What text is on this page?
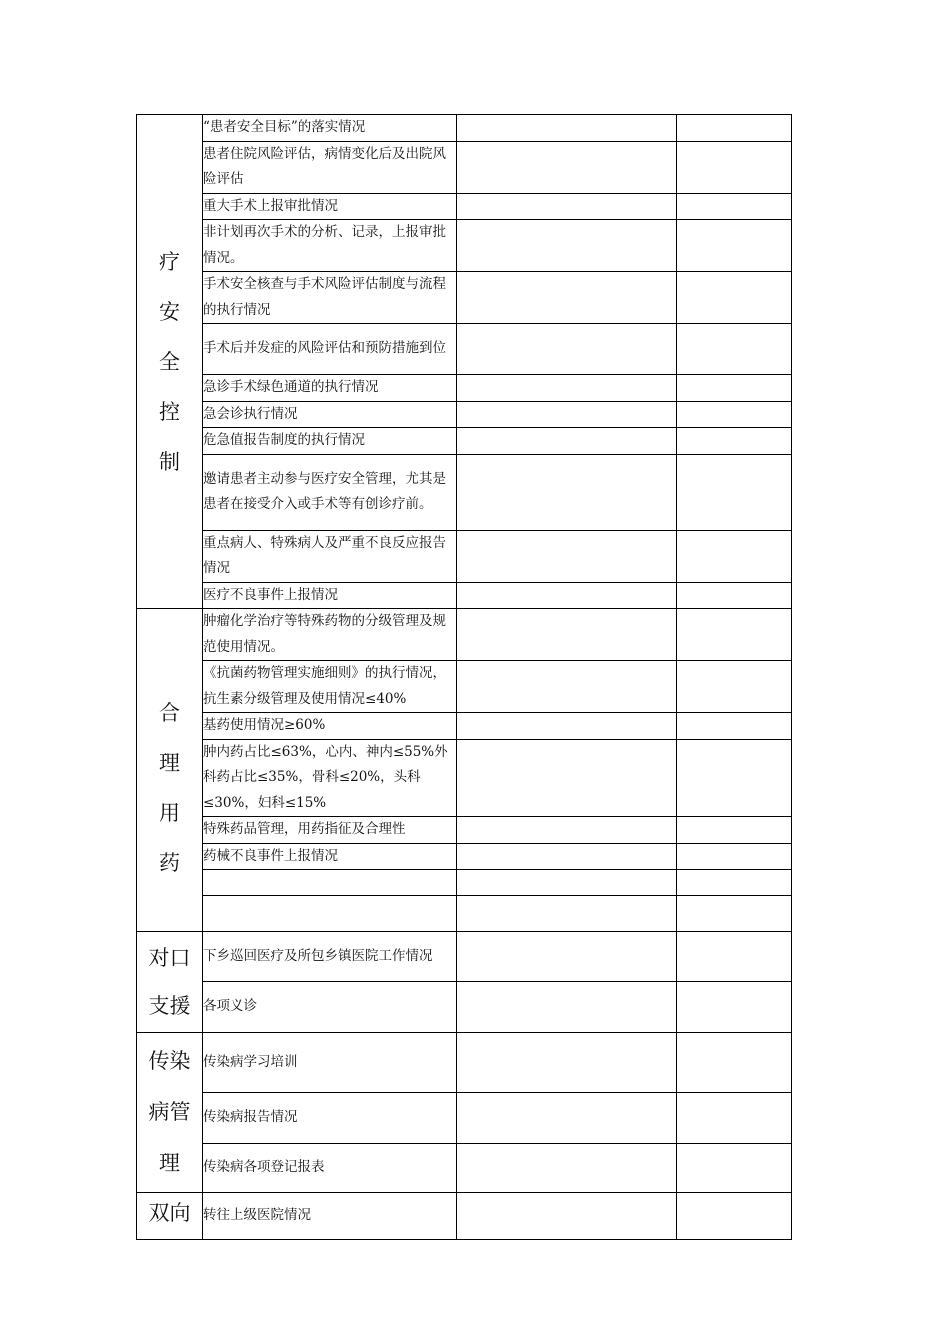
疗
安
全
控
制	“患者安全目标”的落实情况		
	患者住院风险评估，病情变化后及出院风险评估		
	重大手术上报审批情况		
	非计划再次手术的分析、记录，上报审批情况。		
	手术安全核查与手术风险评估制度与流程的执行情况		
	手术后并发症的风险评估和预防措施到位		
	急诊手术绿色通道的执行情况		
	急会诊执行情况		
	危急值报告制度的执行情况		
	邀请患者主动参与医疗安全管理，尤其是患者在接受介入或手术等有创诊疗前。		
	重点病人、特殊病人及严重不良反应报告情况		
	医疗不良事件上报情况		

合
理
用
药	肿瘤化学治疗等特殊药物的分级管理及规范使用情况。		
	《抗菌药物管理实施细则》的执行情况，抗生素分级管理及使用情况≤40%		
	基药使用情况≥60%		
	肿内药占比≤63%，心内、神内≤55%外科药占比≤35%，骨科≤20%，头科≤30%，妇科≤15%		
	特殊药品管理，用药指征及合理性		
	药械不良事件上报情况		

对口
支援	下乡巡回医疗及所包乡镇医院工作情况		
	各项义诊		

传染
病管
理	传染病学习培训		
	传染病报告情况		
	传染病各项登记报表		

双向	转往上级医院情况		
